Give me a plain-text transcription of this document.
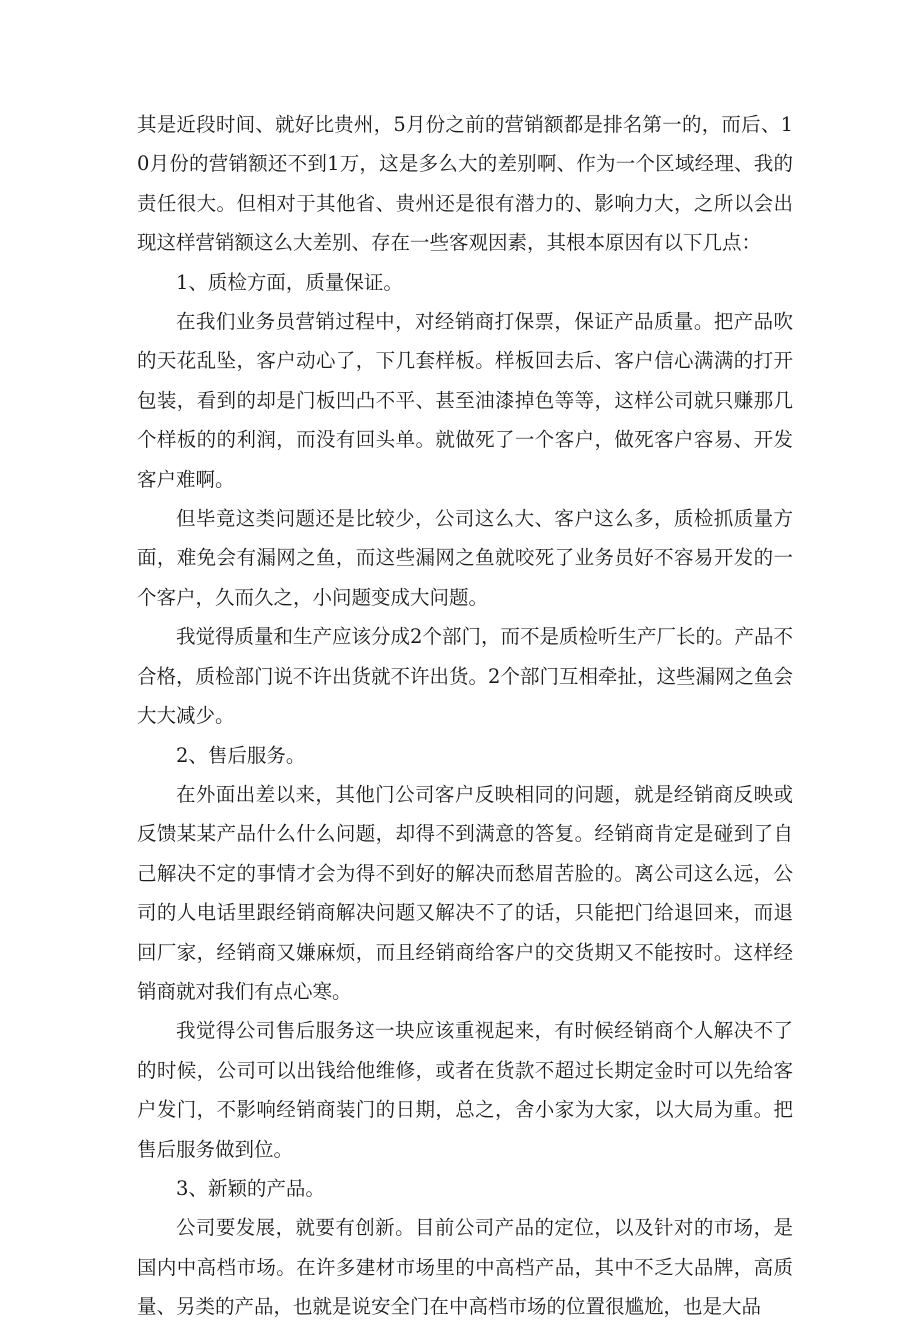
其是近段时间、就好比贵州，5月份之前的营销额都是排名第一的，而后、10月份的营销额还不到1万，这是多么大的差别啊、作为一个区域经理、我的责任很大。但相对于其他省、贵州还是很有潜力的、影响力大，之所以会出现这样营销额这么大差别、存在一些客观因素，其根本原因有以下几点：

1、质检方面，质量保证。

在我们业务员营销过程中，对经销商打保票，保证产品质量。把产品吹的天花乱坠，客户动心了，下几套样板。样板回去后、客户信心满满的打开包装，看到的却是门板凹凸不平、甚至油漆掉色等等，这样公司就只赚那几个样板的的利润，而没有回头单。就做死了一个客户，做死客户容易、开发客户难啊。

但毕竟这类问题还是比较少，公司这么大、客户这么多，质检抓质量方面，难免会有漏网之鱼，而这些漏网之鱼就咬死了业务员好不容易开发的一个客户，久而久之，小问题变成大问题。

我觉得质量和生产应该分成2个部门，而不是质检听生产厂长的。产品不合格，质检部门说不许出货就不许出货。2个部门互相牵扯，这些漏网之鱼会大大减少。

2、售后服务。

在外面出差以来，其他门公司客户反映相同的问题，就是经销商反映或反馈某某产品什么什么问题，却得不到满意的答复。经销商肯定是碰到了自己解决不定的事情才会为得不到好的解决而愁眉苦脸的。离公司这么远，公司的人电话里跟经销商解决问题又解决不了的话，只能把门给退回来，而退回厂家，经销商又嫌麻烦，而且经销商给客户的交货期又不能按时。这样经销商就对我们有点心寒。

我觉得公司售后服务这一块应该重视起来，有时候经销商个人解决不了的时候，公司可以出钱给他维修，或者在货款不超过长期定金时可以先给客户发门，不影响经销商装门的日期，总之，舍小家为大家，以大局为重。把售后服务做到位。

3、新颖的产品。

公司要发展，就要有创新。目前公司产品的定位，以及针对的市场，是国内中高档市场。在许多建材市场里的中高档产品，其中不乏大品牌，高质量、另类的产品，也就是说安全门在中高档市场的位置很尴尬，也是大品
